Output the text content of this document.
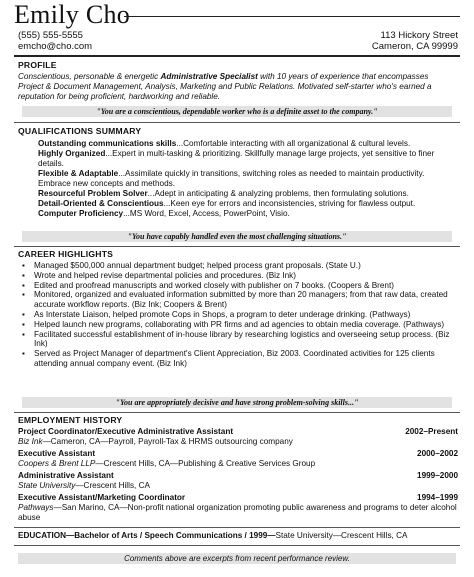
Emily Cho
(555) 555-5555
emcho@cho.com
113 Hickory Street
Cameron, CA 99999
PROFILE
Conscientious, personable & energetic Administrative Specialist with 10 years of experience that encompasses Project & Document Management, Analysis, Marketing and Public Relations. Motivated self-starter who's earned a reputation for being proficient, hardworking and reliable.
"You are a conscientious, dependable worker who is a definite asset to the company."
QUALIFICATIONS SUMMARY
Outstanding communications skills...Comfortable interacting with all organizational & cultural levels.
Highly Organized...Expert in multi-tasking & prioritizing. Skillfully manage large projects, yet sensitive to finer details.
Flexible & Adaptable...Assimilate quickly in transitions, switching roles as needed to maintain productivity. Embrace new concepts and methods.
Resourceful Problem Solver...Adept in anticipating & analyzing problems, then formulating solutions.
Detail-Oriented & Conscientious...Keen eye for errors and inconsistencies, striving for flawless output.
Computer Proficiency...MS Word, Excel, Access, PowerPoint, Visio.
"You have capably handled even the most challenging situations."
CAREER HIGHLIGHTS
▪ Managed $500,000 annual department budget; helped process grant proposals. (State U.)
▪ Wrote and helped revise departmental policies and procedures. (Biz Ink)
▪ Edited and proofread manuscripts and worked closely with publisher on 7 books. (Coopers & Brent)
▪ Monitored, organized and evaluated information submitted by more than 20 managers; from that raw data, created accurate workflow reports. (Biz Ink; Coopers & Brent)
▪ As Interstate Liaison, helped promote Cops in Shops, a program to deter underage drinking. (Pathways)
▪ Helped launch new programs, collaborating with PR firms and ad agencies to obtain media coverage. (Pathways)
▪ Facilitated successful establishment of in-house library by researching logistics and overseeing setup process. (Biz Ink)
▪ Served as Project Manager of department's Client Appreciation, Biz 2003. Coordinated activities for 125 clients attending annual company event. (Biz Ink)
"You are appropriately decisive and have strong problem-solving skills..."
EMPLOYMENT HISTORY
Project Coordinator/Executive Administrative Assistant	2002–Present
Biz Ink—Cameron, CA—Payroll, Payroll-Tax & HRMS outsourcing company
Executive Assistant	2000–2002
Coopers & Brent LLP—Crescent Hills, CA—Publishing & Creative Services Group
Administrative Assistant	1999–2000
State University—Crescent Hills, CA
Executive Assistant/Marketing Coordinator	1994–1999
Pathways—San Marino, CA—Non-profit national organization promoting public awareness and programs to deter alcohol abuse
EDUCATION—Bachelor of Arts / Speech Communications / 1999—State University—Crescent Hills, CA
Comments above are excerpts from recent performance review.
